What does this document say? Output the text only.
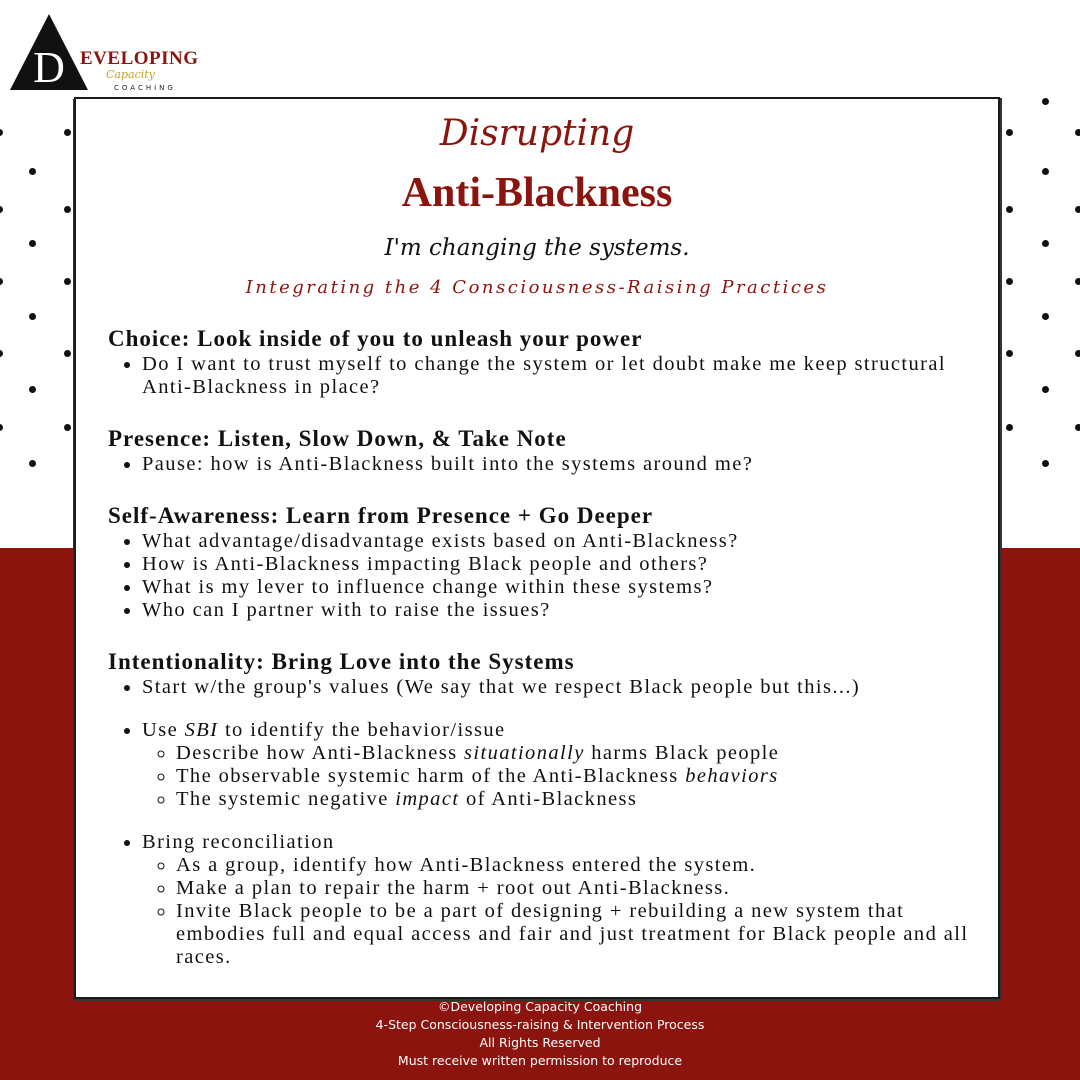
D EVELOPING
Capacity
COACHING
Disrupting
Anti-Blackness
I'm changing the systems.
Integrating the 4 Consciousness-Raising Practices
Choice: Look inside of you to unleash your power
• Do I want to trust myself to change the system or let doubt make me keep structural Anti-Blackness in place?
Presence: Listen, Slow Down, & Take Note
• Pause: how is Anti-Blackness built into the systems around me?
Self-Awareness: Learn from Presence + Go Deeper
• What advantage/disadvantage exists based on Anti-Blackness?
• How is Anti-Blackness impacting Black people and others?
• What is my lever to influence change within these systems?
• Who can I partner with to raise the issues?
Intentionality: Bring Love into the Systems
• Start w/the group's values (We say that we respect Black people but this...)
• Use SBI to identify the behavior/issue
◦ Describe how Anti-Blackness situationally harms Black people
◦ The observable systemic harm of the Anti-Blackness behaviors
◦ The systemic negative impact of Anti-Blackness
• Bring reconciliation
◦ As a group, identify how Anti-Blackness entered the system.
◦ Make a plan to repair the harm + root out Anti-Blackness.
◦ Invite Black people to be a part of designing + rebuilding a new system that embodies full and equal access and fair and just treatment for Black people and all races.
©Developing Capacity Coaching
4-Step Consciousness-raising & Intervention Process
All Rights Reserved
Must receive written permission to reproduce
